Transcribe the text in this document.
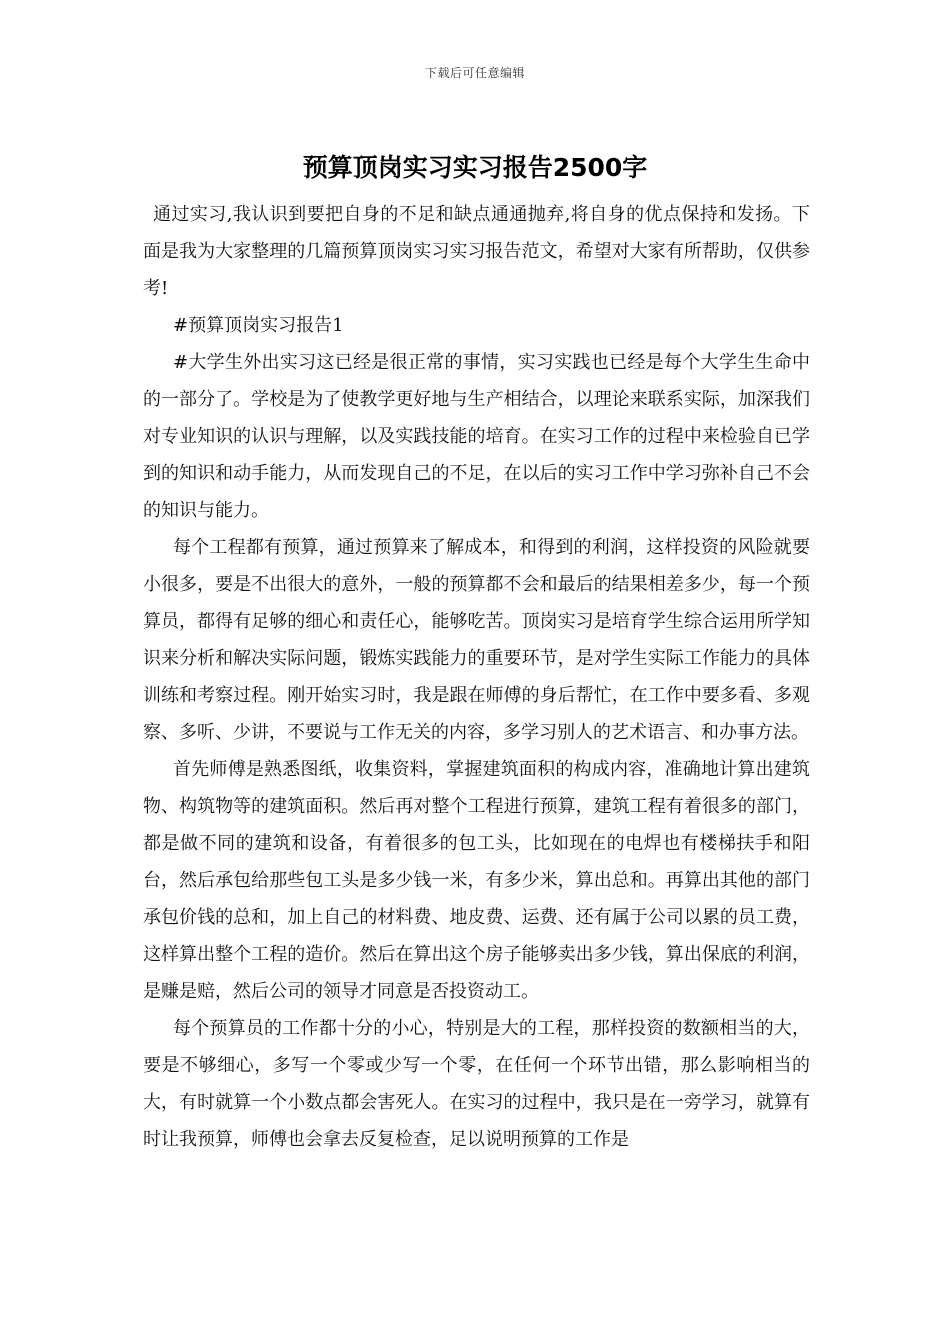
下载后可任意编辑
预算顶岗实习实习报告2500字

通过实习,我认识到要把自身的不足和缺点通通抛弃,将自身的优点保持和发扬。下面是我为大家整理的几篇预算顶岗实习实习报告范文，希望对大家有所帮助，仅供参考!

#预算顶岗实习报告1

#大学生外出实习这已经是很正常的事情，实习实践也已经是每个大学生生命中的一部分了。学校是为了使教学更好地与生产相结合，以理论来联系实际，加深我们对专业知识的认识与理解，以及实践技能的培育。在实习工作的过程中来检验自已学到的知识和动手能力，从而发现自己的不足，在以后的实习工作中学习弥补自己不会的知识与能力。

每个工程都有预算，通过预算来了解成本，和得到的利润，这样投资的风险就要小很多，要是不出很大的意外，一般的预算都不会和最后的结果相差多少，每一个预算员，都得有足够的细心和责任心，能够吃苦。顶岗实习是培育学生综合运用所学知识来分析和解决实际问题，锻炼实践能力的重要环节，是对学生实际工作能力的具体训练和考察过程。刚开始实习时，我是跟在师傅的身后帮忙，在工作中要多看、多观察、多听、少讲，不要说与工作无关的内容，多学习别人的艺术语言、和办事方法。

首先师傅是熟悉图纸，收集资料，掌握建筑面积的构成内容，准确地计算出建筑物、构筑物等的建筑面积。然后再对整个工程进行预算，建筑工程有着很多的部门，都是做不同的建筑和设备，有着很多的包工头，比如现在的电焊也有楼梯扶手和阳台，然后承包给那些包工头是多少钱一米，有多少米，算出总和。再算出其他的部门承包价钱的总和，加上自己的材料费、地皮费、运费、还有属于公司以累的员工费，这样算出整个工程的造价。然后在算出这个房子能够卖出多少钱，算出保底的利润，是赚是赔，然后公司的领导才同意是否投资动工。

每个预算员的工作都十分的小心，特别是大的工程，那样投资的数额相当的大，要是不够细心，多写一个零或少写一个零，在任何一个环节出错，那么影响相当的大，有时就算一个小数点都会害死人。在实习的过程中，我只是在一旁学习，就算有时让我预算，师傅也会拿去反复检查，足以说明预算的工作是
